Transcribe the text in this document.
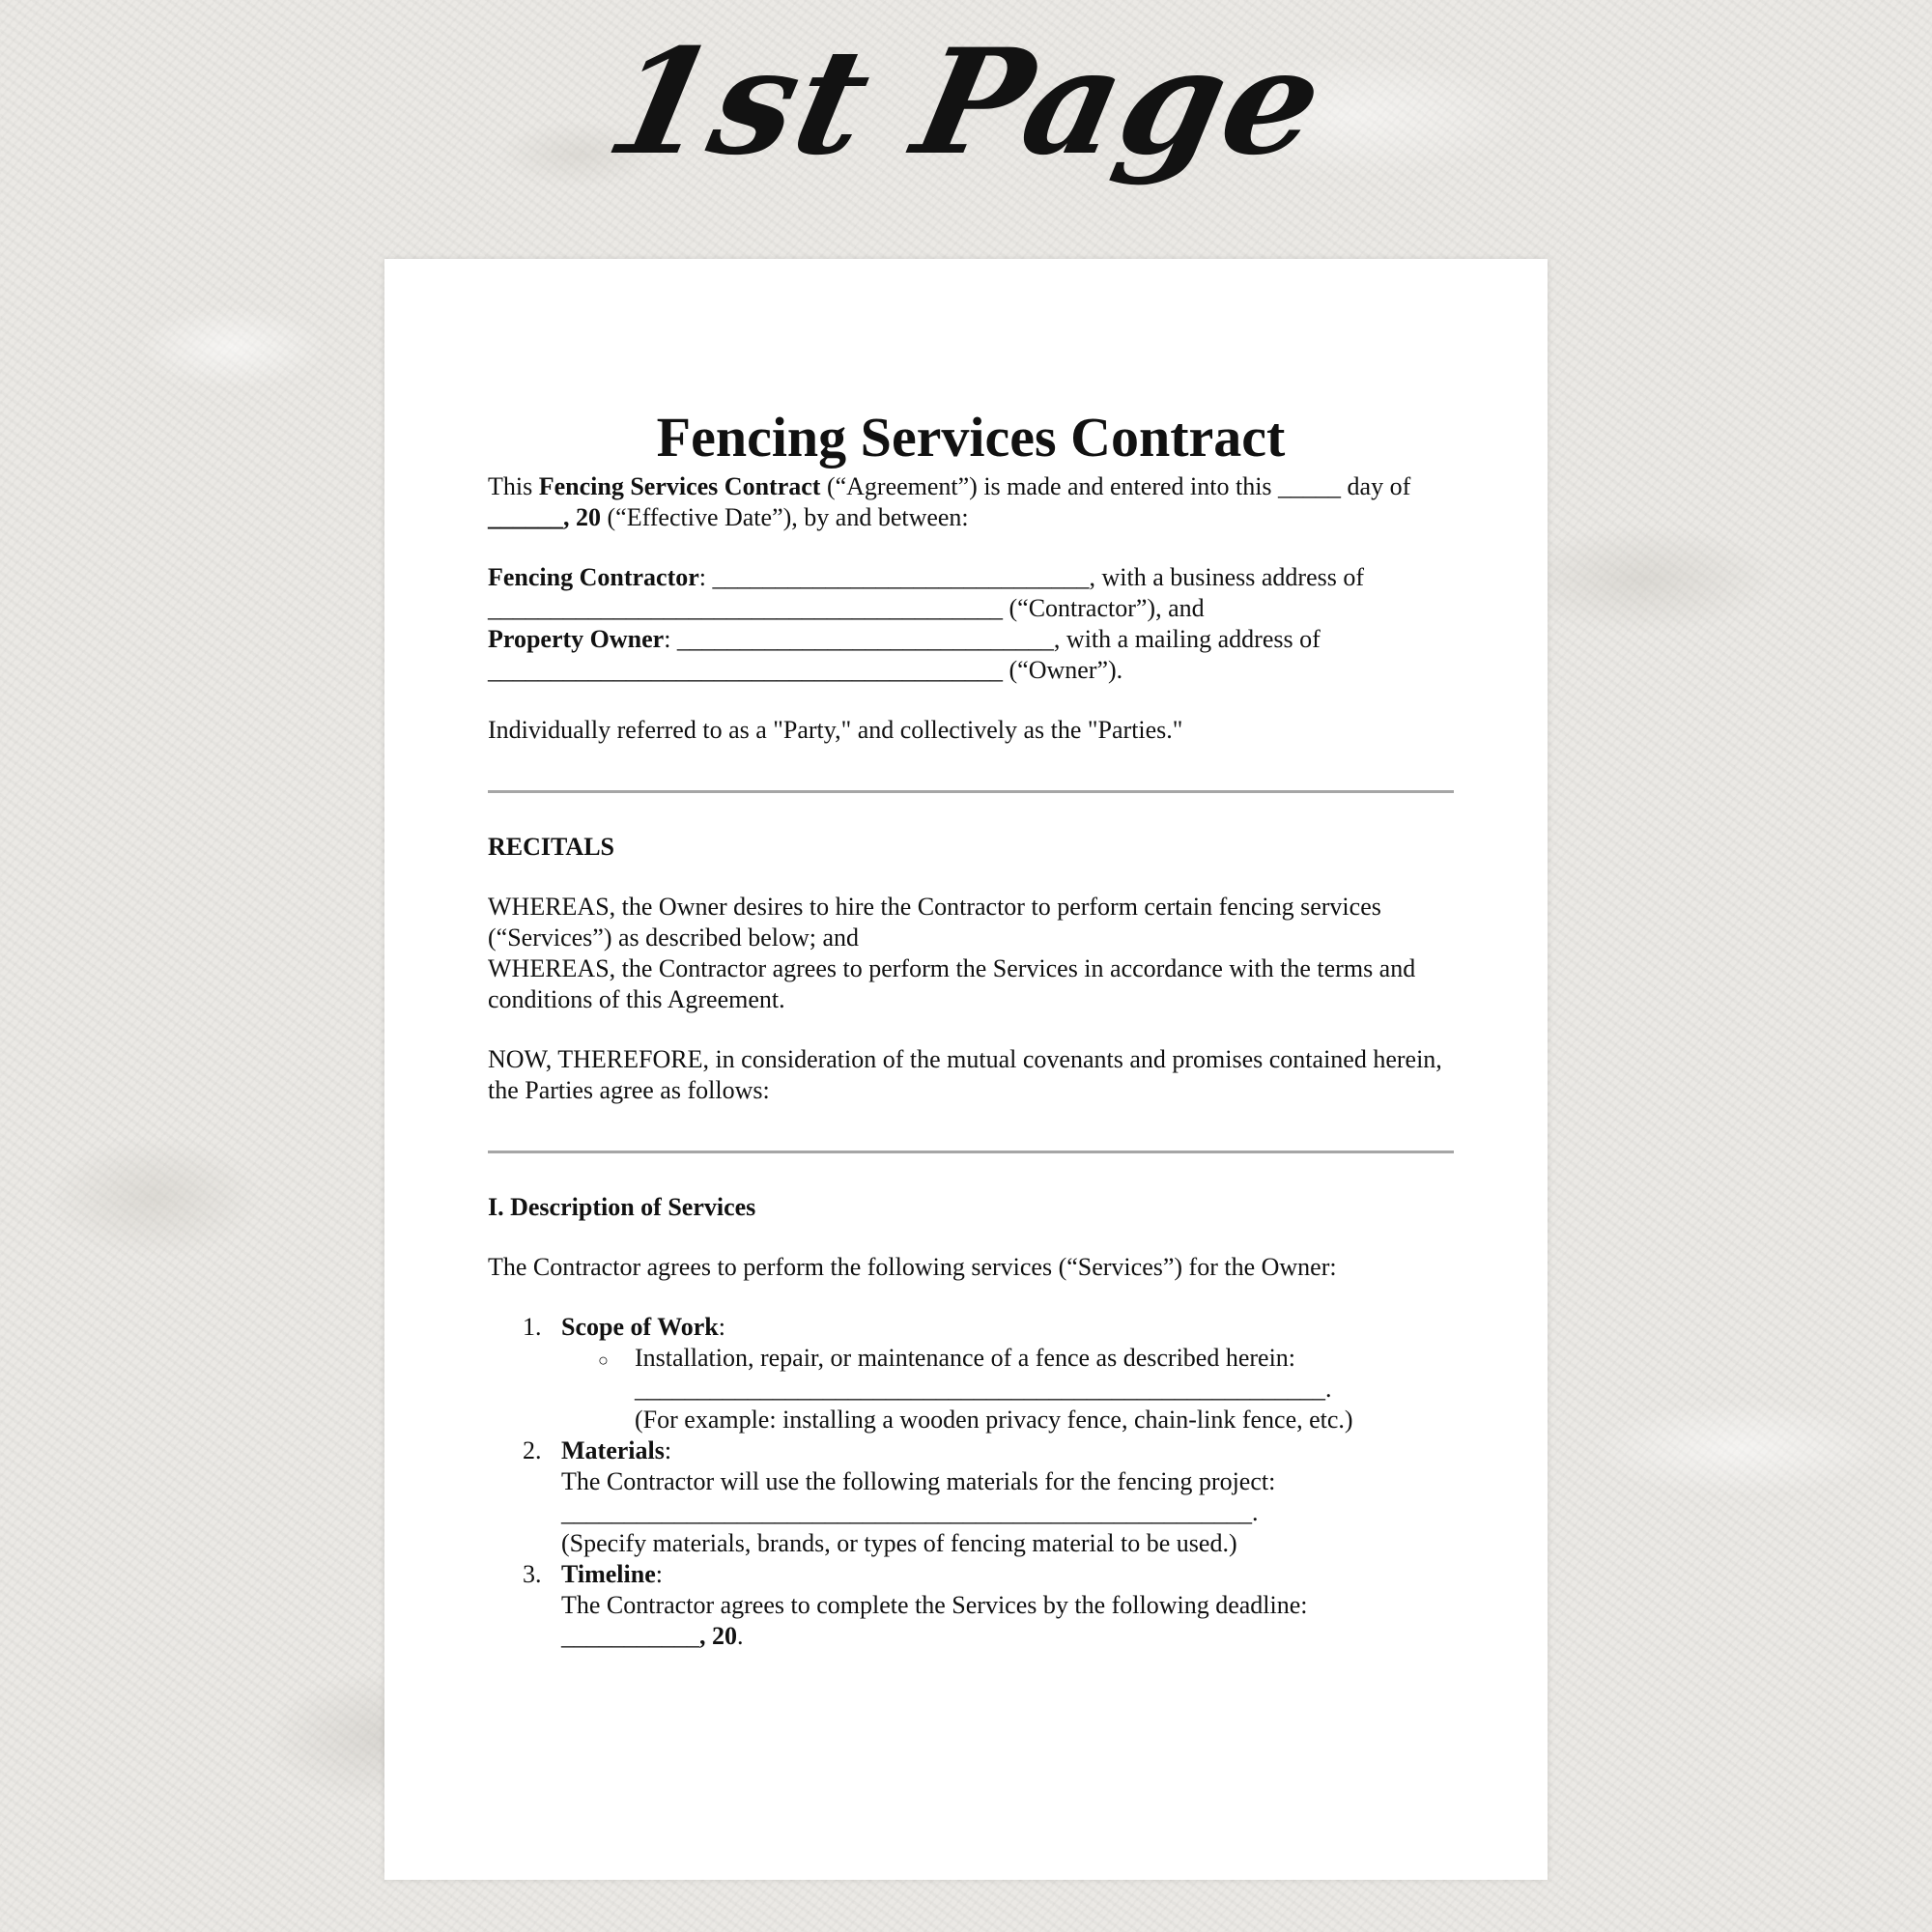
1st Page

Fencing Services Contract

This Fencing Services Contract (“Agreement”) is made and entered into this _____ day of ______, 20 (“Effective Date”), by and between:

Fencing Contractor: ______________________________, with a business address of _________________________________________ (“Contractor”), and

Property Owner: ______________________________, with a mailing address of _________________________________________ (“Owner”).

Individually referred to as a "Party," and collectively as the "Parties."

RECITALS

WHEREAS, the Owner desires to hire the Contractor to perform certain fencing services (“Services”) as described below; and

WHEREAS, the Contractor agrees to perform the Services in accordance with the terms and conditions of this Agreement.

NOW, THEREFORE, in consideration of the mutual covenants and promises contained herein, the Parties agree as follows:

I. Description of Services

The Contractor agrees to perform the following services (“Services”) for the Owner:

1. Scope of Work:
○ Installation, repair, or maintenance of a fence as described herein: _______________________________________________________.
(For example: installing a wooden privacy fence, chain-link fence, etc.)
2. Materials:
The Contractor will use the following materials for the fencing project:
_______________________________________________________.
(Specify materials, brands, or types of fencing material to be used.)
3. Timeline:
The Contractor agrees to complete the Services by the following deadline:
___________, 20.
